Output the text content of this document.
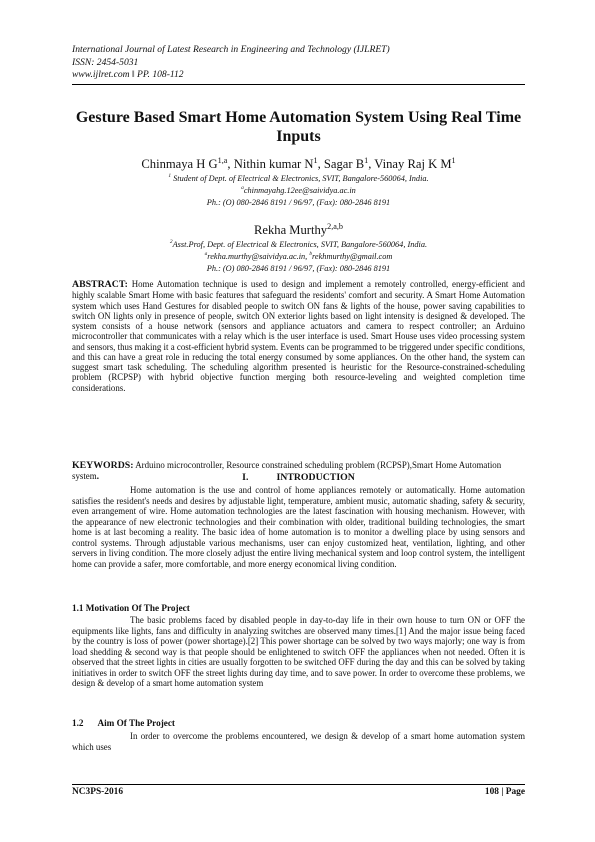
International Journal of Latest Research in Engineering and Technology (IJLRET)
ISSN: 2454-5031
www.ijlret.com ǁ PP. 108-112
Gesture Based Smart Home Automation System Using Real Time Inputs
Chinmaya H G$^{1,a}$, Nithin kumar $N^1$, Sagar $B^1$, Vinay Raj K $M^1$
$^1$ Student of Dept. of Electrical & Electronics, SVIT, Bangalore-560064, India.
$^a$chinmayahg.12ee@saividya.ac.in
Ph.: (O) 080-2846 8191 / 96/97, (Fax): 080-2846 8191
Rekha Murthy$^{2,a,b}$
$^2$Asst.Prof, Dept. of Electrical & Electronics, SVIT, Bangalore-560064, India.
$^a$rekha.murthy@saividya.ac.in, $^b$rekhmurthy@gmail.com
Ph.: (O) 080-2846 8191 / 96/97, (Fax): 080-2846 8191
ABSTRACT: Home Automation technique is used to design and implement a remotely controlled, energy-efficient and highly scalable Smart Home with basic features that safeguard the residents' comfort and security. A Smart Home Automation system which uses Hand Gestures for disabled people to switch ON fans & lights of the house, power saving capabilities to switch ON lights only in presence of people, switch ON exterior lights based on light intensity is designed & developed. The system consists of a house network (sensors and appliance actuators and camera to respect controller; an Arduino microcontroller that communicates with a relay which is the user interface is used. Smart House uses video processing system and sensors, thus making it a cost-efficient hybrid system. Events can be programmed to be triggered under specific conditions, and this can have a great role in reducing the total energy consumed by some appliances. On the other hand, the system can suggest smart task scheduling. The scheduling algorithm presented is heuristic for the Resource-constrained-scheduling problem (RCPSP) with hybrid objective function merging both resource-leveling and weighted completion time considerations.
KEYWORDS: Arduino microcontroller, Resource constrained scheduling problem (RCPSP),Smart Home Automation system.	I.	INTRODUCTION
Home automation is the use and control of home appliances remotely or automatically. Home automation satisfies the resident's needs and desires by adjustable light, temperature, ambient music, automatic shading, safety & security, even arrangement of wire. Home automation technologies are the latest fascination with housing mechanism. However, with the appearance of new electronic technologies and their combination with older, traditional building technologies, the smart home is at last becoming a reality. The basic idea of home automation is to monitor a dwelling place by using sensors and control systems. Through adjustable various mechanisms, user can enjoy customized heat, ventilation, lighting, and other servers in living condition. The more closely adjust the entire living mechanical system and loop control system, the intelligent home can provide a safer, more comfortable, and more energy economical living condition.
1.1 Motivation Of The Project
The basic problems faced by disabled people in day-to-day life in their own house to turn ON or OFF the equipments like lights, fans and difficulty in analyzing switches are observed many times.[1] And the major issue being faced by the country is loss of power (power shortage).[2] This power shortage can be solved by two ways majorly; one way is from load shedding & second way is that people should be enlightened to switch OFF the appliances when not needed. Often it is observed that the street lights in cities are usually forgotten to be switched OFF during the day and this can be solved by taking initiatives in order to switch OFF the street lights during day time, and to save power. In order to overcome these problems, we design & develop of a smart home automation system
1.2 Aim Of The Project
In order to overcome the problems encountered, we design & develop of a smart home automation system which uses
NC3PS-2016	108 | Page
